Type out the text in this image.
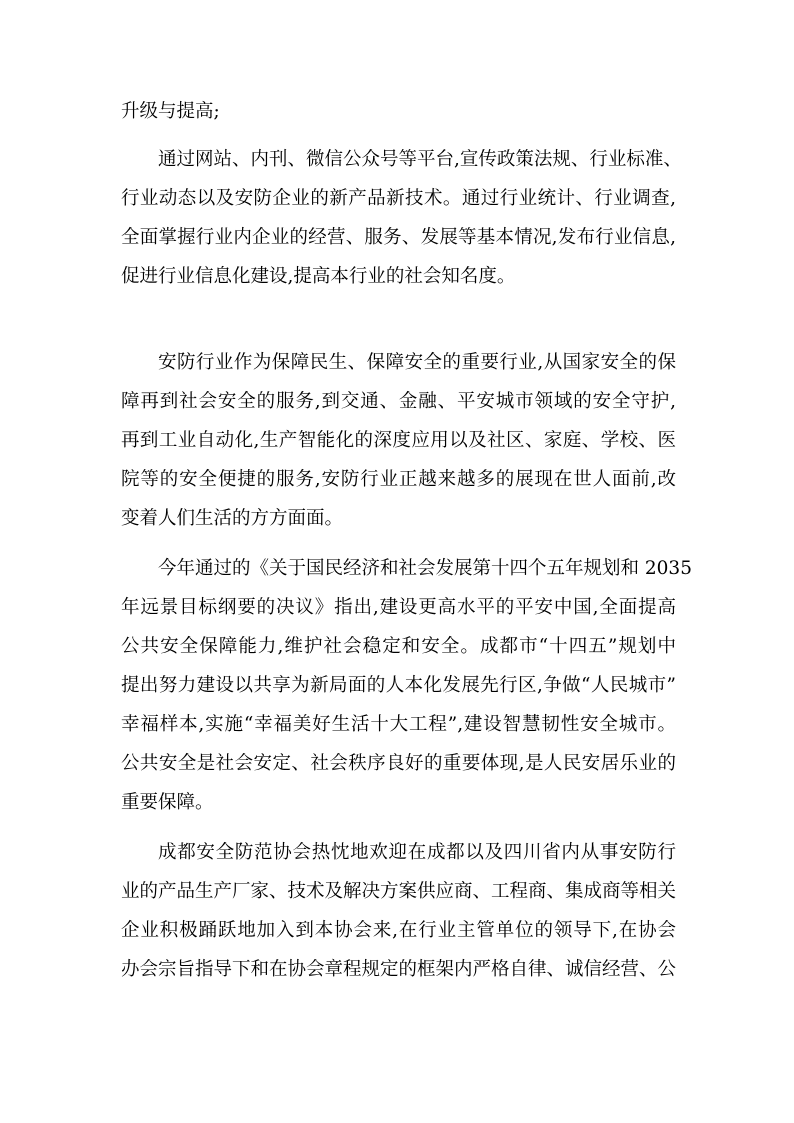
升级与提高;
通过网站、内刊、微信公众号等平台,宣传政策法规、行业标准、
行业动态以及安防企业的新产品新技术。通过行业统计、行业调查,
全面掌握行业内企业的经营、服务、发展等基本情况,发布行业信息,
促进行业信息化建设,提高本行业的社会知名度。
安防行业作为保障民生、保障安全的重要行业,从国家安全的保
障再到社会安全的服务,到交通、金融、平安城市领域的安全守护,
再到工业自动化,生产智能化的深度应用以及社区、家庭、学校、医
院等的安全便捷的服务,安防行业正越来越多的展现在世人面前,改
变着人们生活的方方面面。
今年通过的《关于国民经济和社会发展第十四个五年规划和 2035
年远景目标纲要的决议》指出,建设更高水平的平安中国,全面提高
公共安全保障能力,维护社会稳定和安全。成都市“十四五”规划中
提出努力建设以共享为新局面的人本化发展先行区,争做“人民城市”
幸福样本,实施“幸福美好生活十大工程”,建设智慧韧性安全城市。
公共安全是社会安定、社会秩序良好的重要体现,是人民安居乐业的
重要保障。
成都安全防范协会热忱地欢迎在成都以及四川省内从事安防行
业的产品生产厂家、技术及解决方案供应商、工程商、集成商等相关
企业积极踊跃地加入到本协会来,在行业主管单位的领导下,在协会
办会宗旨指导下和在协会章程规定的框架内严格自律、诚信经营、公
